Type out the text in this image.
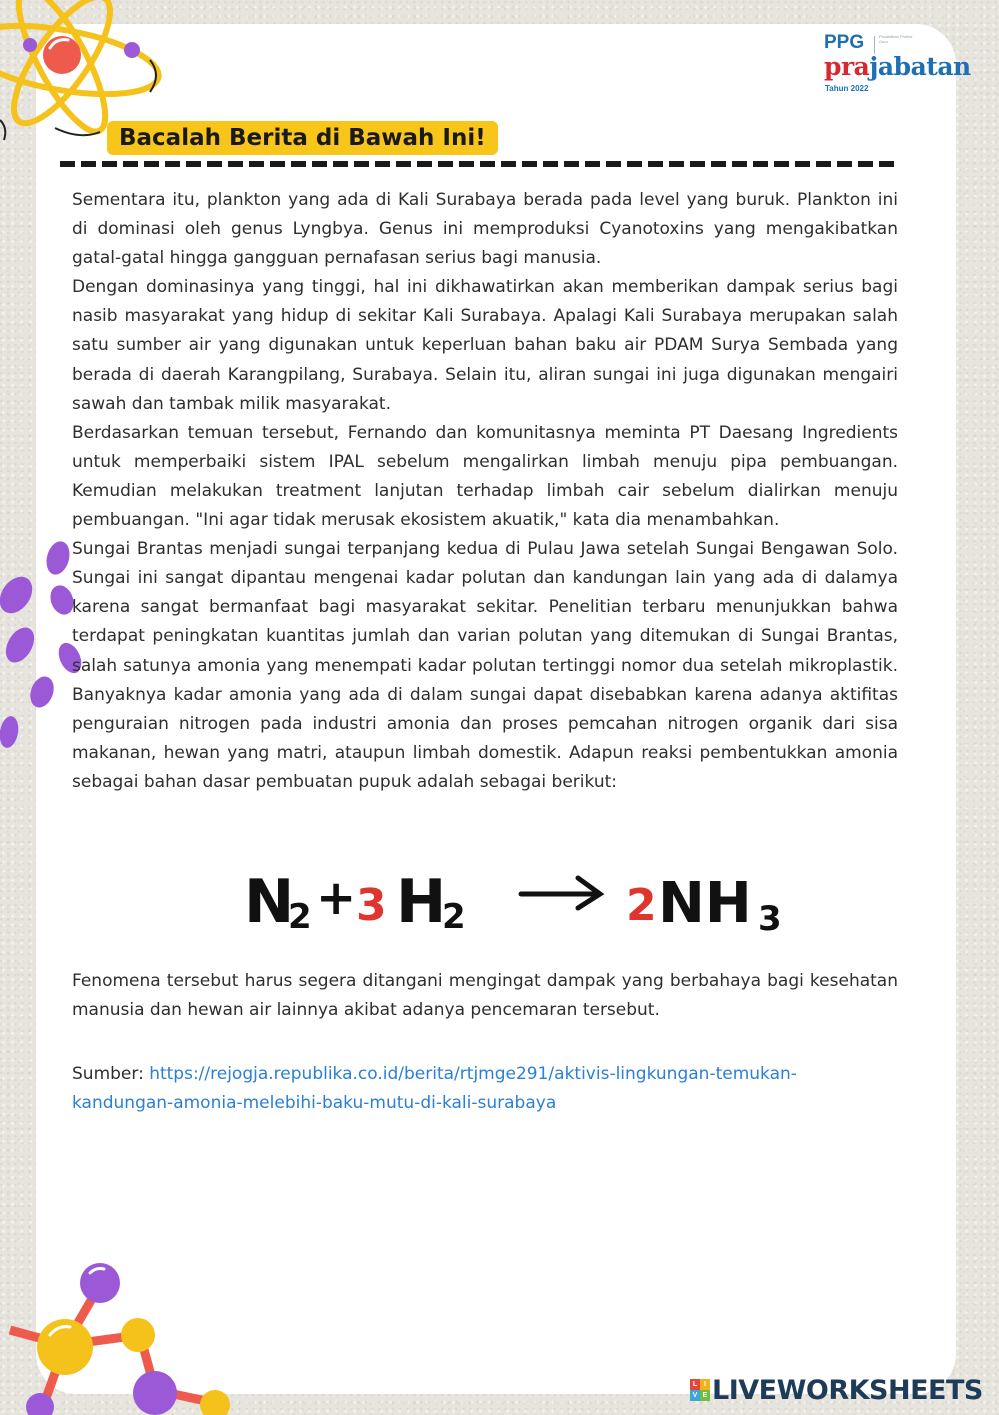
PPG	Pendidikan Profesi Guru
prajabatan
Tahun 2022
Bacalah Berita di Bawah Ini!

Sementara itu, plankton yang ada di Kali Surabaya berada pada level yang buruk. Plankton ini di dominasi oleh genus Lyngbya. Genus ini memproduksi Cyanotoxins yang mengakibatkan gatal-gatal hingga gangguan pernafasan serius bagi manusia.

Dengan dominasinya yang tinggi, hal ini dikhawatirkan akan memberikan dampak serius bagi nasib masyarakat yang hidup di sekitar Kali Surabaya. Apalagi Kali Surabaya merupakan salah satu sumber air yang digunakan untuk keperluan bahan baku air PDAM Surya Sembada yang berada di daerah Karangpilang, Surabaya. Selain itu, aliran sungai ini juga digunakan mengairi sawah dan tambak milik masyarakat.

Berdasarkan temuan tersebut, Fernando dan komunitasnya meminta PT Daesang Ingredients untuk memperbaiki sistem IPAL sebelum mengalirkan limbah menuju pipa pembuangan. Kemudian melakukan treatment lanjutan terhadap limbah cair sebelum dialirkan menuju pembuangan. "Ini agar tidak merusak ekosistem akuatik," kata dia menambahkan.

Sungai Brantas menjadi sungai terpanjang kedua di Pulau Jawa setelah Sungai Bengawan Solo. Sungai ini sangat dipantau mengenai kadar polutan dan kandungan lain yang ada di dalamya karena sangat bermanfaat bagi masyarakat sekitar. Penelitian terbaru menunjukkan bahwa terdapat peningkatan kuantitas jumlah dan varian polutan yang ditemukan di Sungai Brantas, salah satunya amonia yang menempati kadar polutan tertinggi nomor dua setelah mikroplastik. Banyaknya kadar amonia yang ada di dalam sungai dapat disebabkan karena adanya aktifitas penguraian nitrogen pada industri amonia dan proses pemcahan nitrogen organik dari sisa makanan, hewan yang matri, ataupun limbah domestik. Adapun reaksi pembentukkan amonia sebagai bahan dasar pembuatan pupuk adalah sebagai berikut:

N
2 + 3 H
2	2 NH 3
Fenomena tersebut harus segera ditangani mengingat dampak yang berbahaya bagi kesehatan manusia dan hewan air lainnya akibat adanya pencemaran tersebut.
Sumber: https://rejogja.republika.co.id/berita/rtjmge291/aktivis-lingkungan-temukan-kandungan-amonia-melebihi-baku-mutu-di-kali-surabaya
L I
V E LIVEWORKSHEETS
